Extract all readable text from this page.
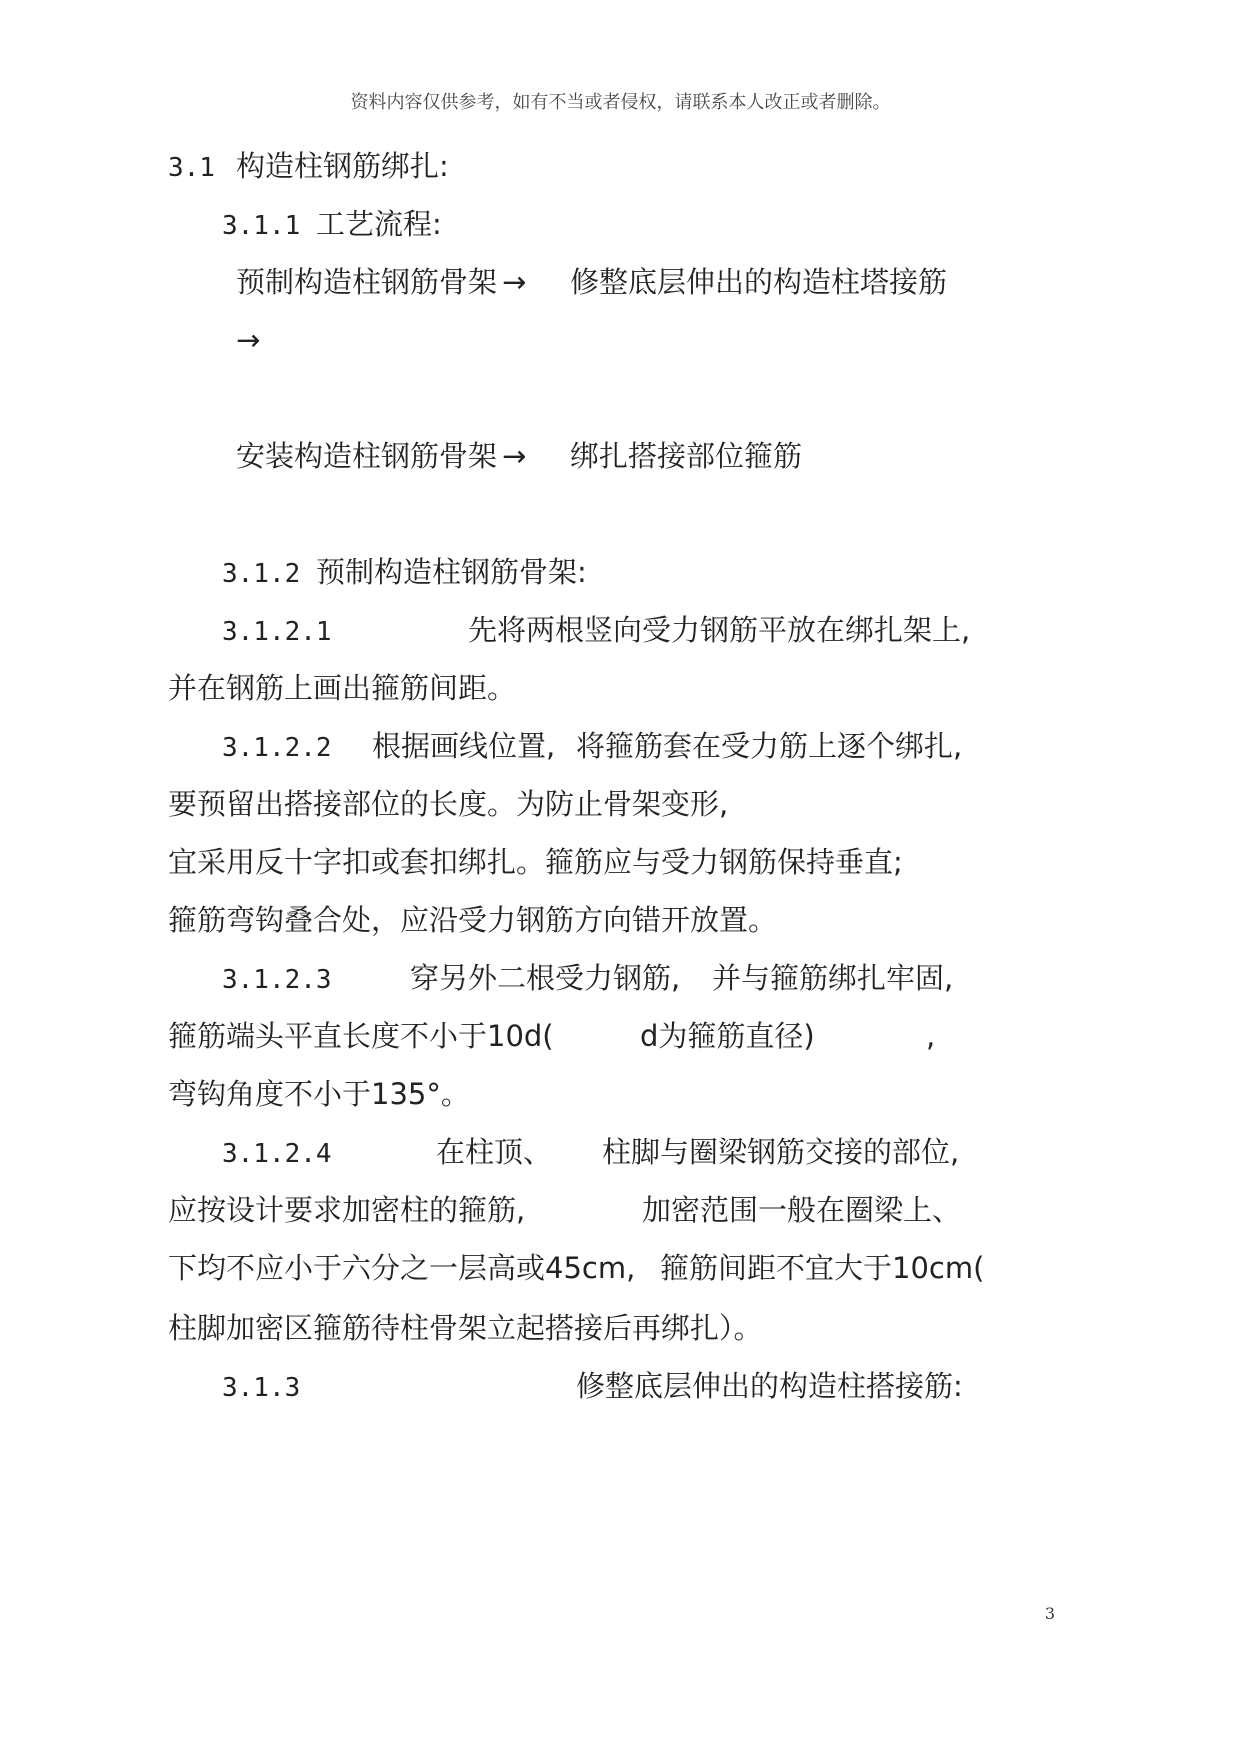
资料内容仅供参考，如有不当或者侵权，请联系本人改正或者删除。
3.1 构造柱钢筋绑扎:
3.1.1 工艺流程:
预制构造柱钢筋骨架 → 修整底层伸出的构造柱塔接筋
→
安装构造柱钢筋骨架 → 绑扎搭接部位箍筋
3.1.2 预制构造柱钢筋骨架:
3.1.2.1	先将两根竖向受力钢筋平放在绑扎架上,
并在钢筋上画出箍筋间距。
3.1.2.2 根据画线位置, 将箍筋套在受力筋上逐个绑扎,
要预留出搭接部位的长度。为防止骨架变形,
宜采用反十字扣或套扣绑扎。箍筋应与受力钢筋保持垂直;
箍筋弯钩叠合处，应沿受力钢筋方向错开放置。
3.1.2.3	穿另外二根受力钢筋, 并与箍筋绑扎牢固,
箍筋端头平直长度不小于10d(	d为箍筋直径)	,
弯钩角度不小于135°。
3.1.2.4	在柱顶、 柱脚与圈梁钢筋交接的部位,
应按设计要求加密柱的箍筋,	加密范围一般在圈梁上、
下均不应小于六分之一层高或45cm, 箍筋间距不宜大于10cm(
柱脚加密区箍筋待柱骨架立起搭接后再绑扎）。
3.1.3	修整底层伸出的构造柱搭接筋:
3
